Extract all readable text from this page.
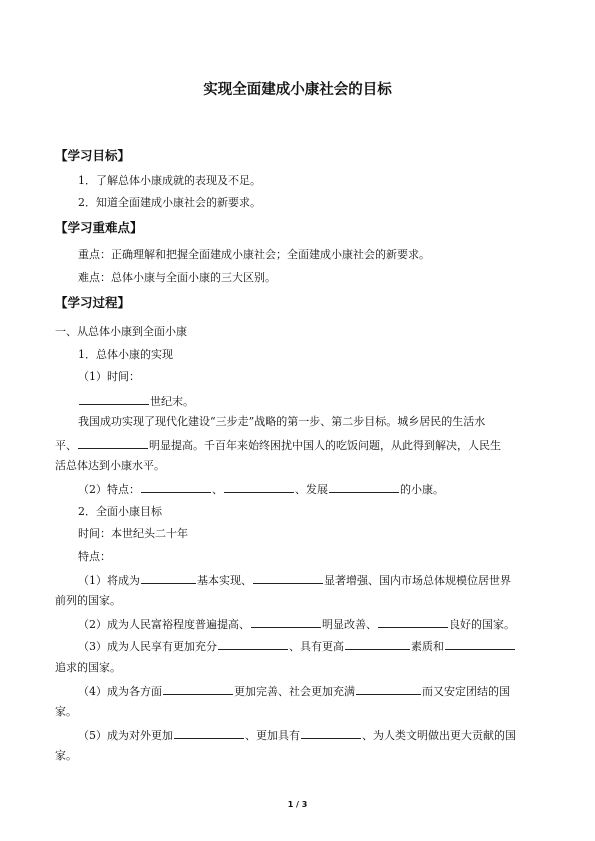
实现全面建成小康社会的目标
【学习目标】
1．了解总体小康成就的表现及不足。
2．知道全面建成小康社会的新要求。
【学习重难点】
重点：正确理解和把握全面建成小康社会；全面建成小康社会的新要求。
难点：总体小康与全面小康的三大区别。
【学习过程】
一、从总体小康到全面小康
1．总体小康的实现
（1）时间：
世纪末。
我国成功实现了现代化建设“三步走”战略的第一步、第二步目标。城乡居民的生活水
平、	明显提高。千百年来始终困扰中国人的吃饭问题，从此得到解决，人民生
活总体达到小康水平。
（2）特点：	、	、发展	的小康。
2．全面小康目标
时间：本世纪头二十年
特点：
（1）将成为	基本实现、	显著增强、国内市场总体规模位居世界
前列的国家。
（2）成为人民富裕程度普遍提高、	明显改善、	良好的国家。
（3）成为人民享有更加充分	、具有更高	素质和
追求的国家。
（4）成为各方面	更加完善、社会更加充满	而又安定团结的国
家。
（5）成为对外更加	、更加具有	、为人类文明做出更大贡献的国
家。
1 / 3
